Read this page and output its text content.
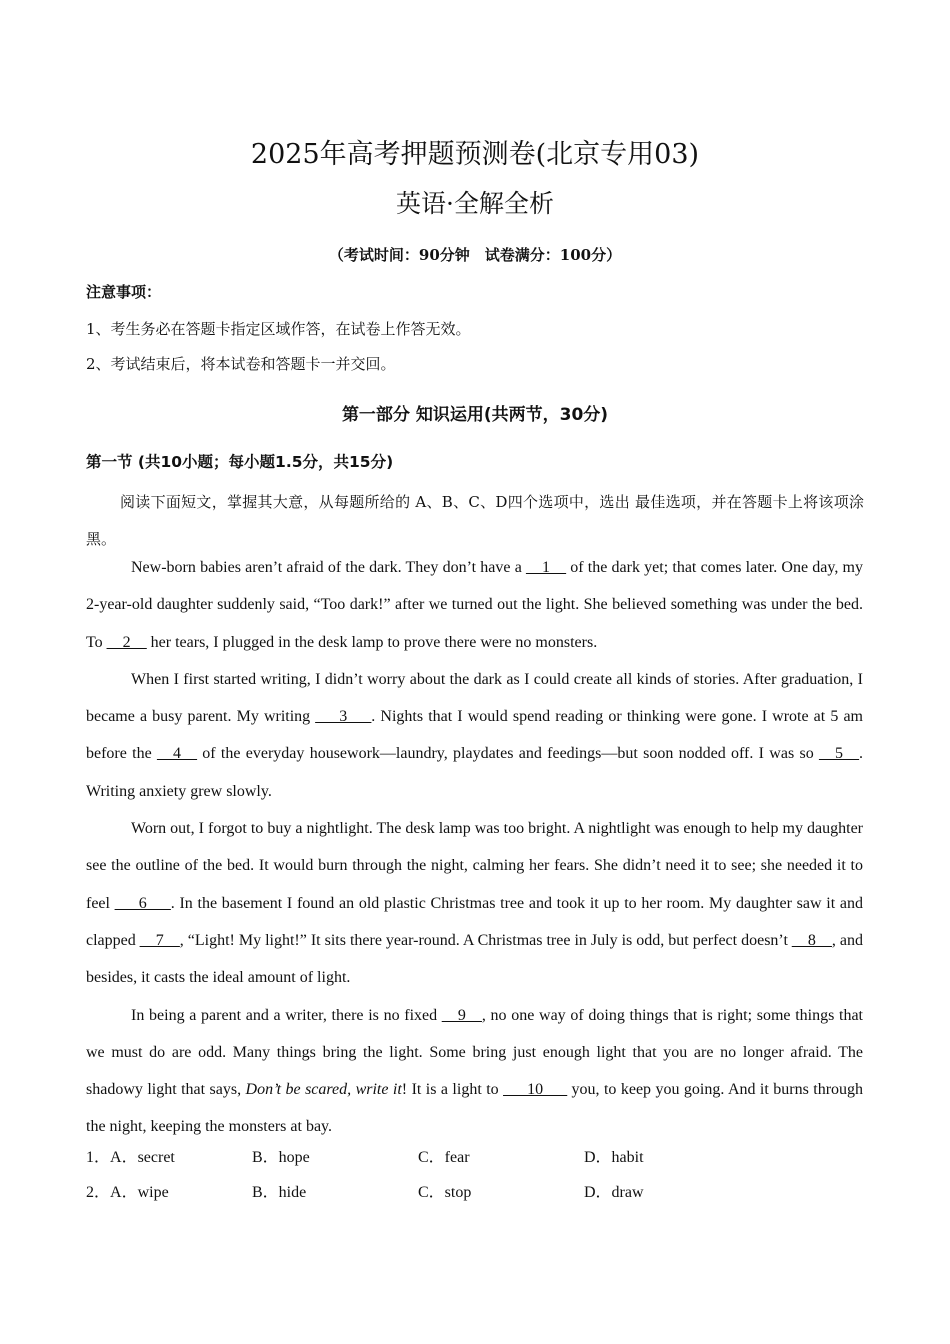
2025年高考押题预测卷(北京专用03)
英语·全解全析
（考试时间：90分钟　试卷满分：100分）
注意事项：
1、考生务必在答题卡指定区域作答，在试卷上作答无效。
2、考试结束后，将本试卷和答题卡一并交回。
第一部分 知识运用(共两节，30分)
第一节 (共10小题；每小题1.5分，共15分)

阅读下面短文，掌握其大意，从每题所给的 A、B、C、D四个选项中，选出 最佳选项，并在答题卡上将该项涂黑。

New-born babies aren’t afraid of the dark. They don’t have a __1__ of the dark yet; that comes later. One day, my 2-year-old daughter suddenly said, “Too dark!” after we turned out the light. She believed something was under the bed. To __2__ her tears, I plugged in the desk lamp to prove there were no monsters.

When I first started writing, I didn’t worry about the dark as I could create all kinds of stories. After graduation, I became a busy parent. My writing ___3___. Nights that I would spend reading or thinking were gone. I wrote at 5 am before the __4__ of the everyday housework—laundry, playdates and feedings—but soon nodded off. I was so __5__. Writing anxiety grew slowly.

Worn out, I forgot to buy a nightlight. The desk lamp was too bright. A nightlight was enough to help my daughter see the outline of the bed. It would burn through the night, calming her fears. She didn’t need it to see; she needed it to feel ___6___. In the basement I found an old plastic Christmas tree and took it up to her room. My daughter saw it and clapped __7__, “Light! My light!” It sits there year-round. A Christmas tree in July is odd, but perfect doesn’t __8__, and besides, it casts the ideal amount of light.

In being a parent and a writer, there is no fixed __9__, no one way of doing things that is right; some things that we must do are odd. Many things bring the light. Some bring just enough light that you are no longer afraid. The shadowy light that says, Don’t be scared, write it! It is a light to ___10___ you, to keep you going. And it burns through the night, keeping the monsters at bay.

1．A．secret	B．hope	C．fear	D．habit
2．A．wipe	B．hide	C．stop	D．draw
